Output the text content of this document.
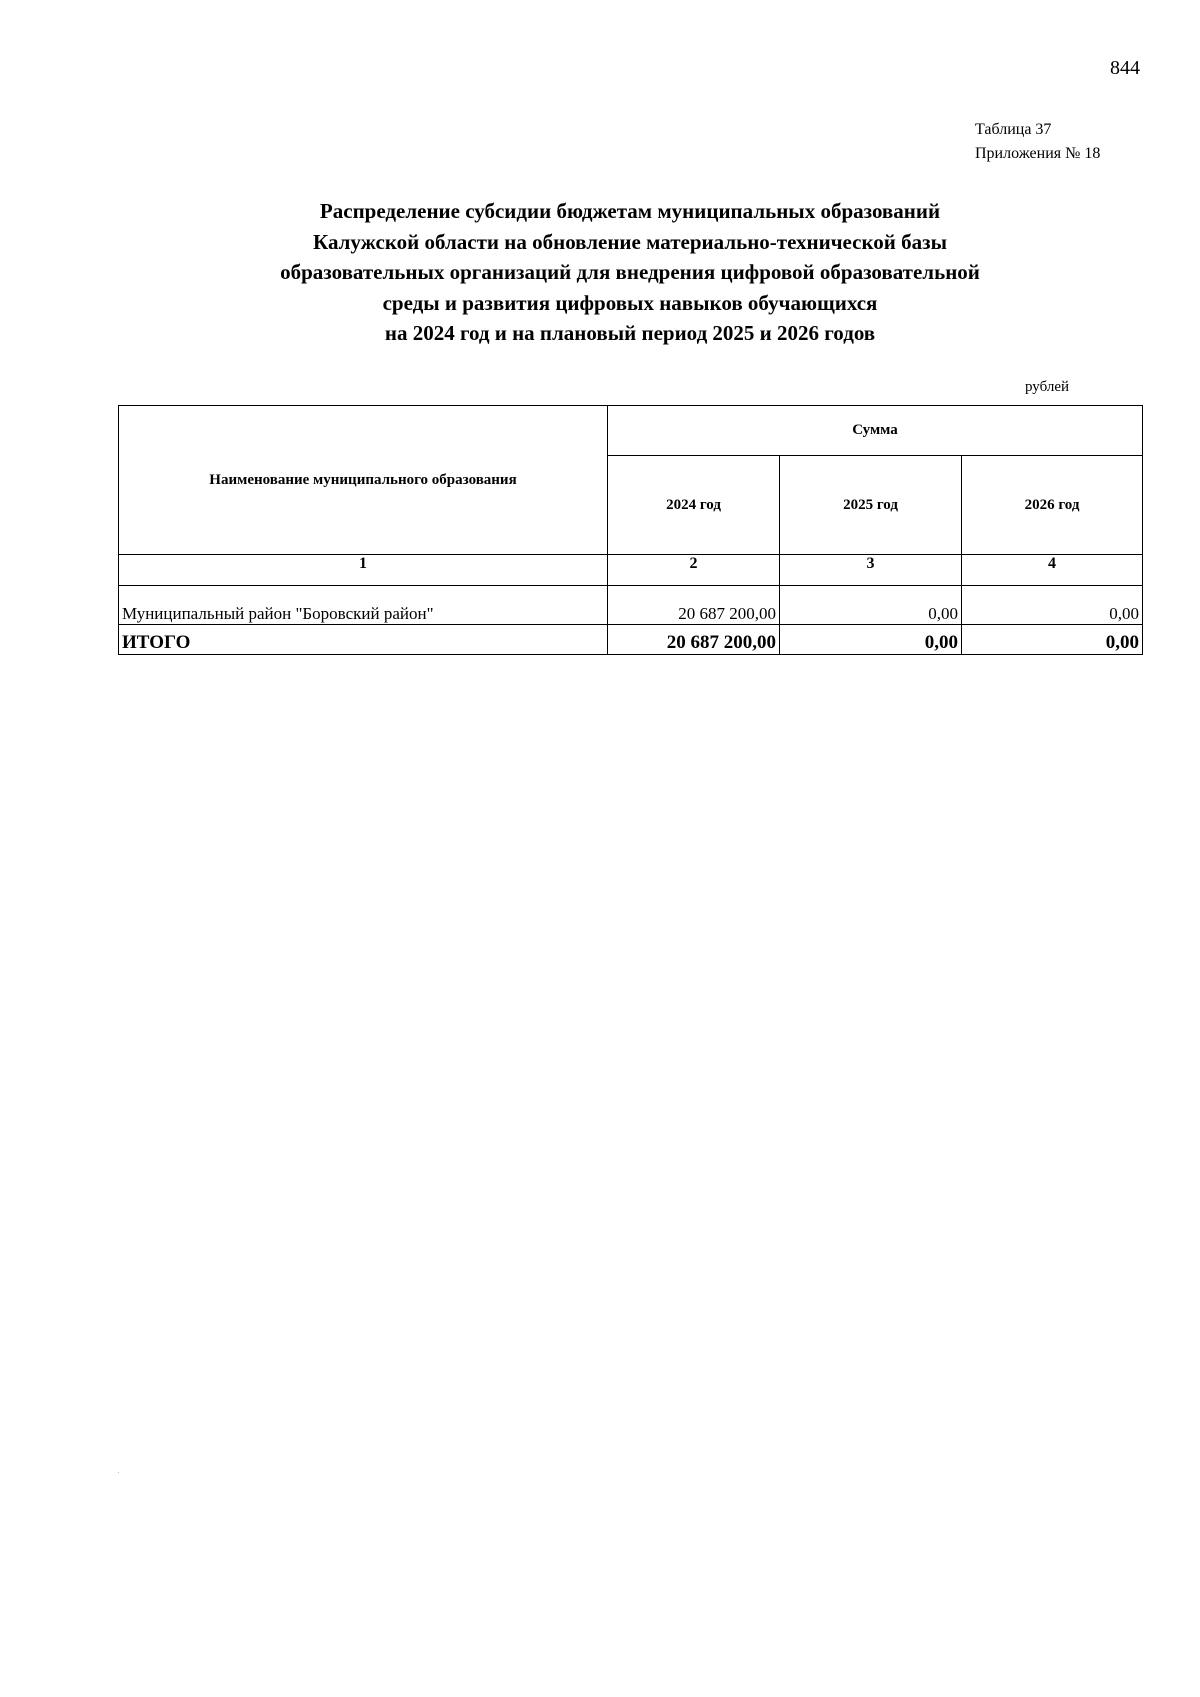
844
Таблица 37
Приложения № 18
Распределение субсидии бюджетам муниципальных образований
Калужской области на обновление материально-технической базы
образовательных организаций для внедрения цифровой образовательной
среды и развития цифровых навыков обучающихся
на 2024 год и на плановый период 2025 и 2026 годов
рублей
Наименование муниципального образования	Сумма		
	2024 год	2025 год	2026 год
1	2	3	4
Муниципальный район "Боровский район"	20 687 200,00	0,00	0,00
ИТОГО	20 687 200,00	0,00	0,00
